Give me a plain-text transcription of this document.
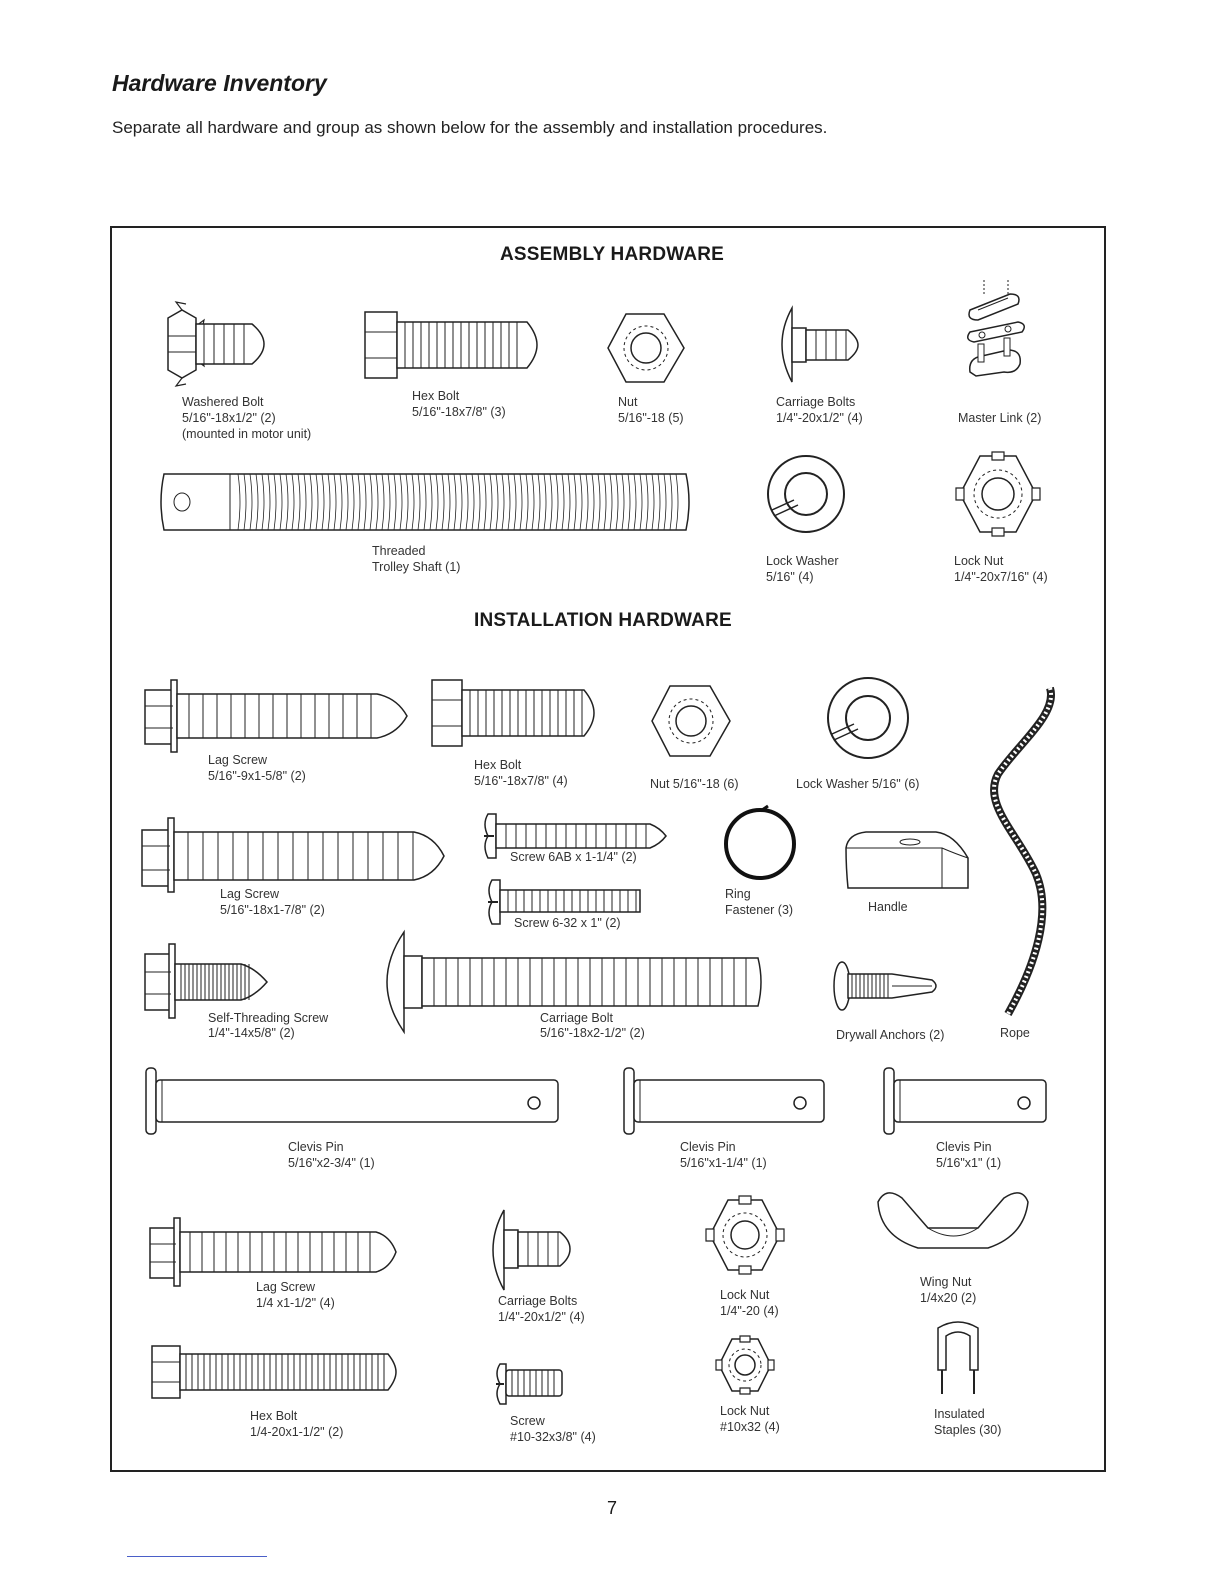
Hardware Inventory

Separate all hardware and group as shown below for the assembly and installation procedures.

ASSEMBLY HARDWARE
Washered Bolt
5/16"-18x1/2" (2)
(mounted in motor unit)
Hex Bolt
5/16"-18x7/8" (3)
Nut
5/16"-18 (5)
Carriage Bolts
1/4"-20x1/2" (4)	Master Link (2)
Threaded
Trolley Shaft (1)	Lock Washer
5/16" (4)
Lock Nut
1/4"-20x7/16" (4)
INSTALLATION HARDWARE
Lag Screw
5/16"-9x1-5/8" (2)
Hex Bolt
5/16"-18x7/8" (4)	Nut 5/16"-18 (6)	Lock Washer 5/16" (6)
Rope
Lag Screw
5/16"-18x1-7/8" (2)
Screw 6AB x 1-1/4" (2)
Screw 6-32 x 1" (2)
Ring
Fastener (3)	Handle
Self-Threading Screw
1/4"-14x5/8" (2)
Carriage Bolt
5/16"-18x2-1/2" (2)	Drywall Anchors (2)
Clevis Pin
5/16"x2-3/4" (1)
Clevis Pin
5/16"x1-1/4" (1)
Clevis Pin
5/16"x1" (1)
Lag Screw
1/4 x1-1/2" (4)	Carriage Bolts
1/4"-20x1/2" (4)
Lock Nut
1/4"-20 (4)
Wing Nut
1/4x20 (2)
Hex Bolt
1/4-20x1-1/2" (2)
Screw
#10-32x3/8" (4)
Lock Nut
#10x32 (4)
Insulated
Staples (30)
7
